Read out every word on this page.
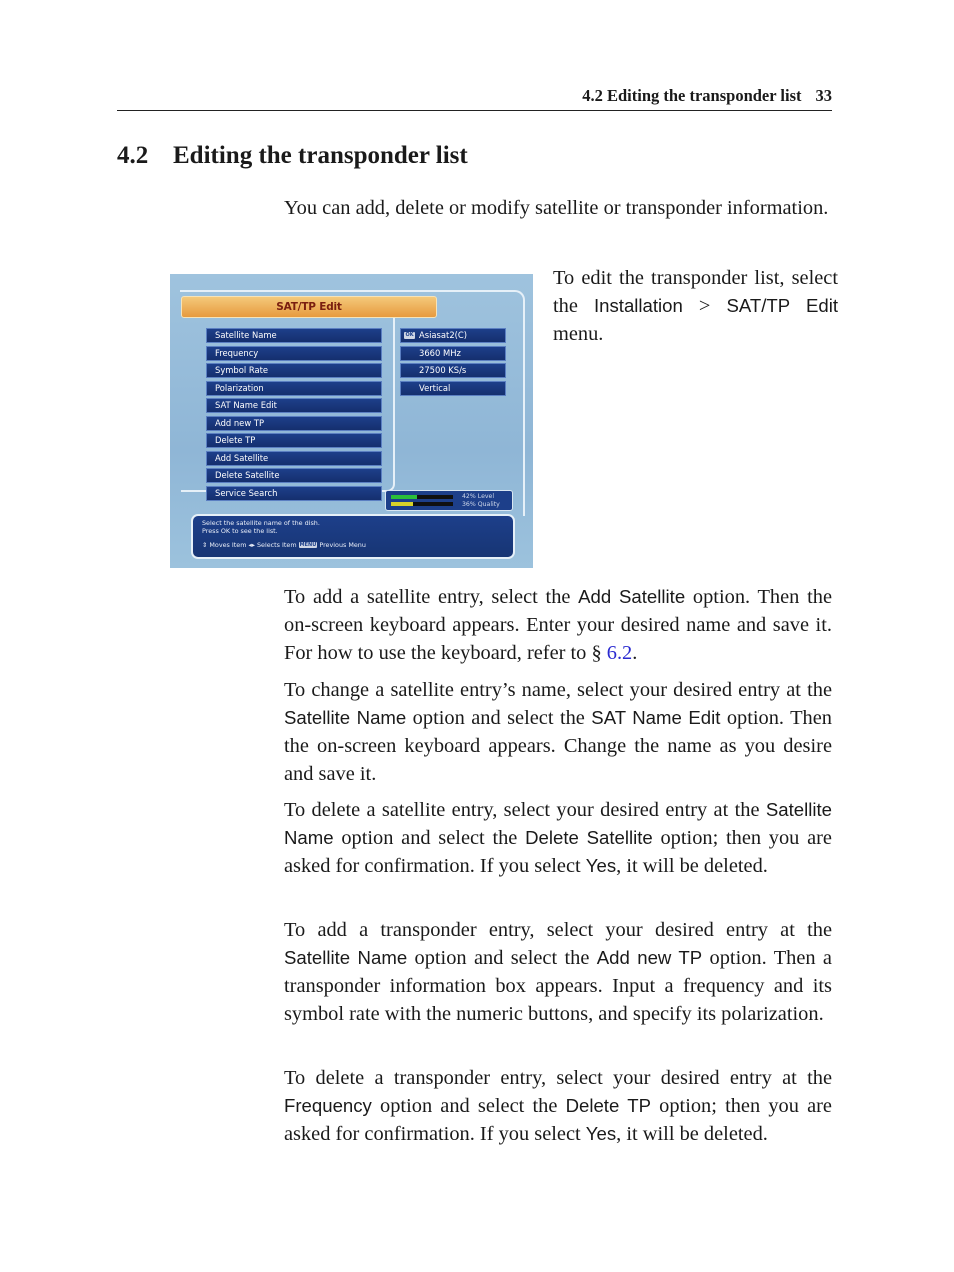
4.2 Editing the transponder list 33
4.2 Editing the transponder list

You can add, delete or modify satellite or transponder information.

SAT/TP Edit
Satellite Name
Frequency
Symbol Rate
Polarization
SAT Name Edit
Add new TP
Delete TP
Add Satellite
Delete Satellite
Service Search
OK Asiasat2(C)
3660 MHz
27500 KS/s
Vertical
42% Level
36% Quality
Select the satellite name of the dish.
Press OK to see the list.
⇕ Moves Item ◂▸ Selects Item MENU Previous Menu

To edit the transponder list, select the Installation > SAT/TP Edit menu.

To add a satellite entry, select the Add Satellite option. Then the on-screen keyboard appears. Enter your desired name and save it. For how to use the keyboard, refer to § 6.2.

To change a satellite entry’s name, select your desired entry at the Satellite Name option and select the SAT Name Edit option. Then the on-screen keyboard appears. Change the name as you desire and save it.

To delete a satellite entry, select your desired entry at the Satellite Name option and select the Delete Satellite option; then you are asked for confirmation. If you select Yes, it will be deleted.

To add a transponder entry, select your desired entry at the Satellite Name option and select the Add new TP option. Then a transponder information box appears. Input a frequency and its symbol rate with the numeric buttons, and specify its polarization.

To delete a transponder entry, select your desired entry at the Frequency option and select the Delete TP option; then you are asked for confirmation. If you select Yes, it will be deleted.
